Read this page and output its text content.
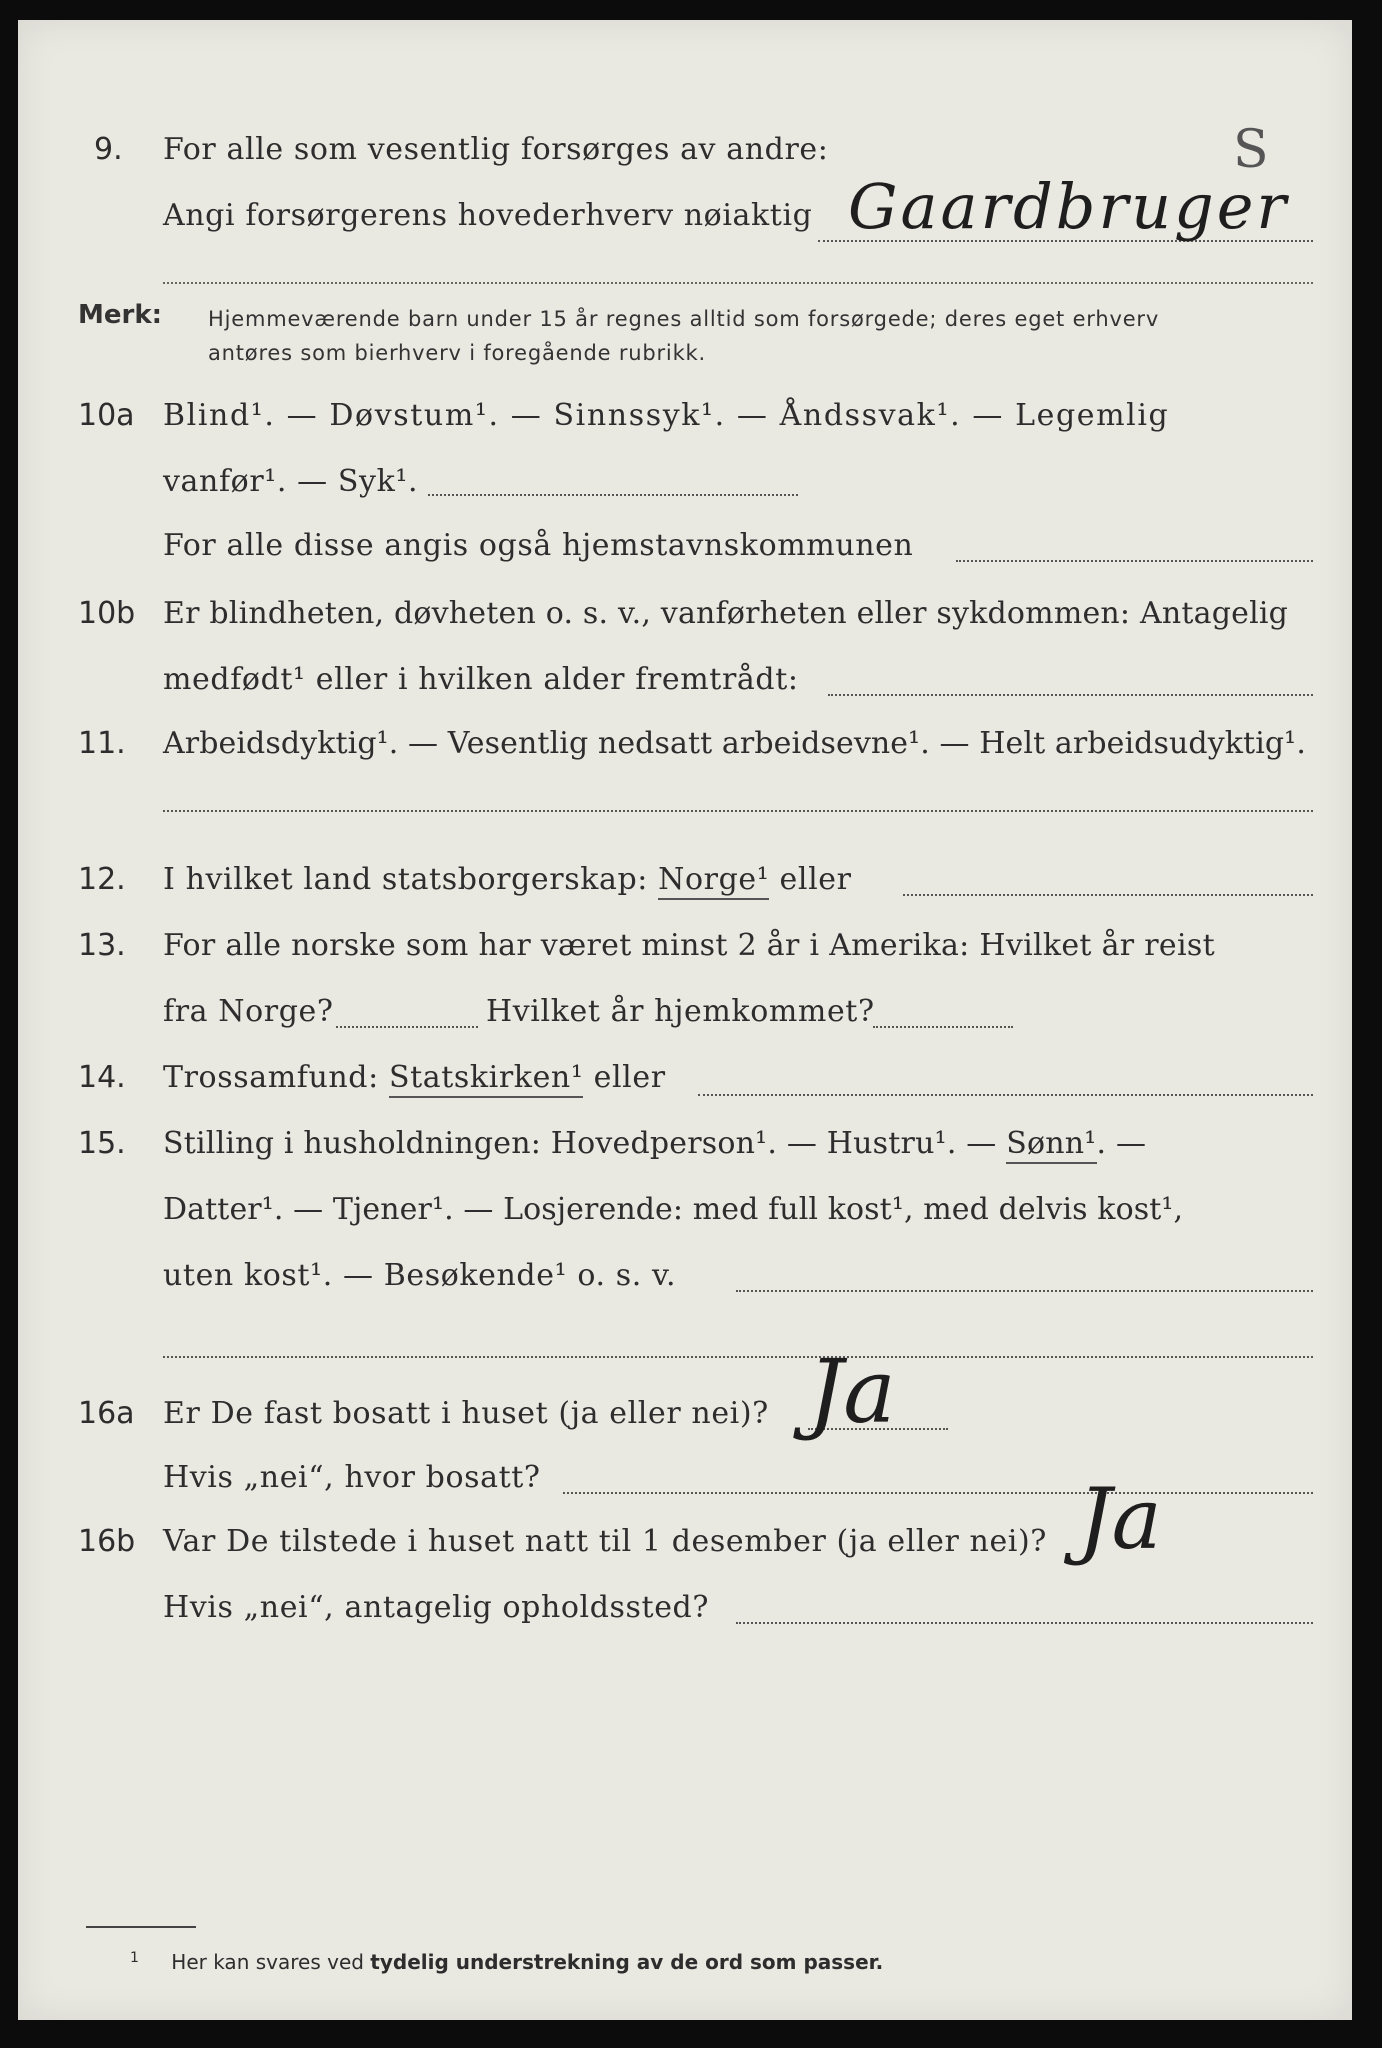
S
9. For alle som vesentlig forsørges av andre:
Angi forsørgerens hovederhverv nøiaktig Gaardbruger
Merk: Hjemmeværende barn under 15 år regnes alltid som forsørgede; deres eget erhverv
antøres som bierhverv i foregående rubrikk.
10a Blind¹. — Døvstum¹. — Sinnssyk¹. — Åndssvak¹. — Legemlig
vanfør¹. — Syk¹.
For alle disse angis også hjemstavnskommunen
10b Er blindheten, døvheten o. s. v., vanførheten eller sykdommen: Antagelig
medfødt¹ eller i hvilken alder fremtrådt:
11. Arbeidsdyktig¹. — Vesentlig nedsatt arbeidsevne¹. — Helt arbeidsudyktig¹.
12. I hvilket land statsborgerskap: Norge¹ eller
13. For alle norske som har været minst 2 år i Amerika: Hvilket år reist
fra Norge?	Hvilket år hjemkommet?
14. Trossamfund: Statskirken¹ eller
15. Stilling i husholdningen: Hovedperson¹. — Hustru¹. — Sønn¹. —
Datter¹. — Tjener¹. — Losjerende: med full kost¹, med delvis kost¹,
uten kost¹. — Besøkende¹ o. s. v.
16a Er De fast bosatt i huset (ja eller nei)? Ja
Hvis „nei“, hvor bosatt?
16b Var De tilstede i huset natt til 1 desember (ja eller nei)? Ja
Hvis „nei“, antagelig opholdssted?
$^1$ Her kan svares ved tydelig understrekning av de ord som passer.
